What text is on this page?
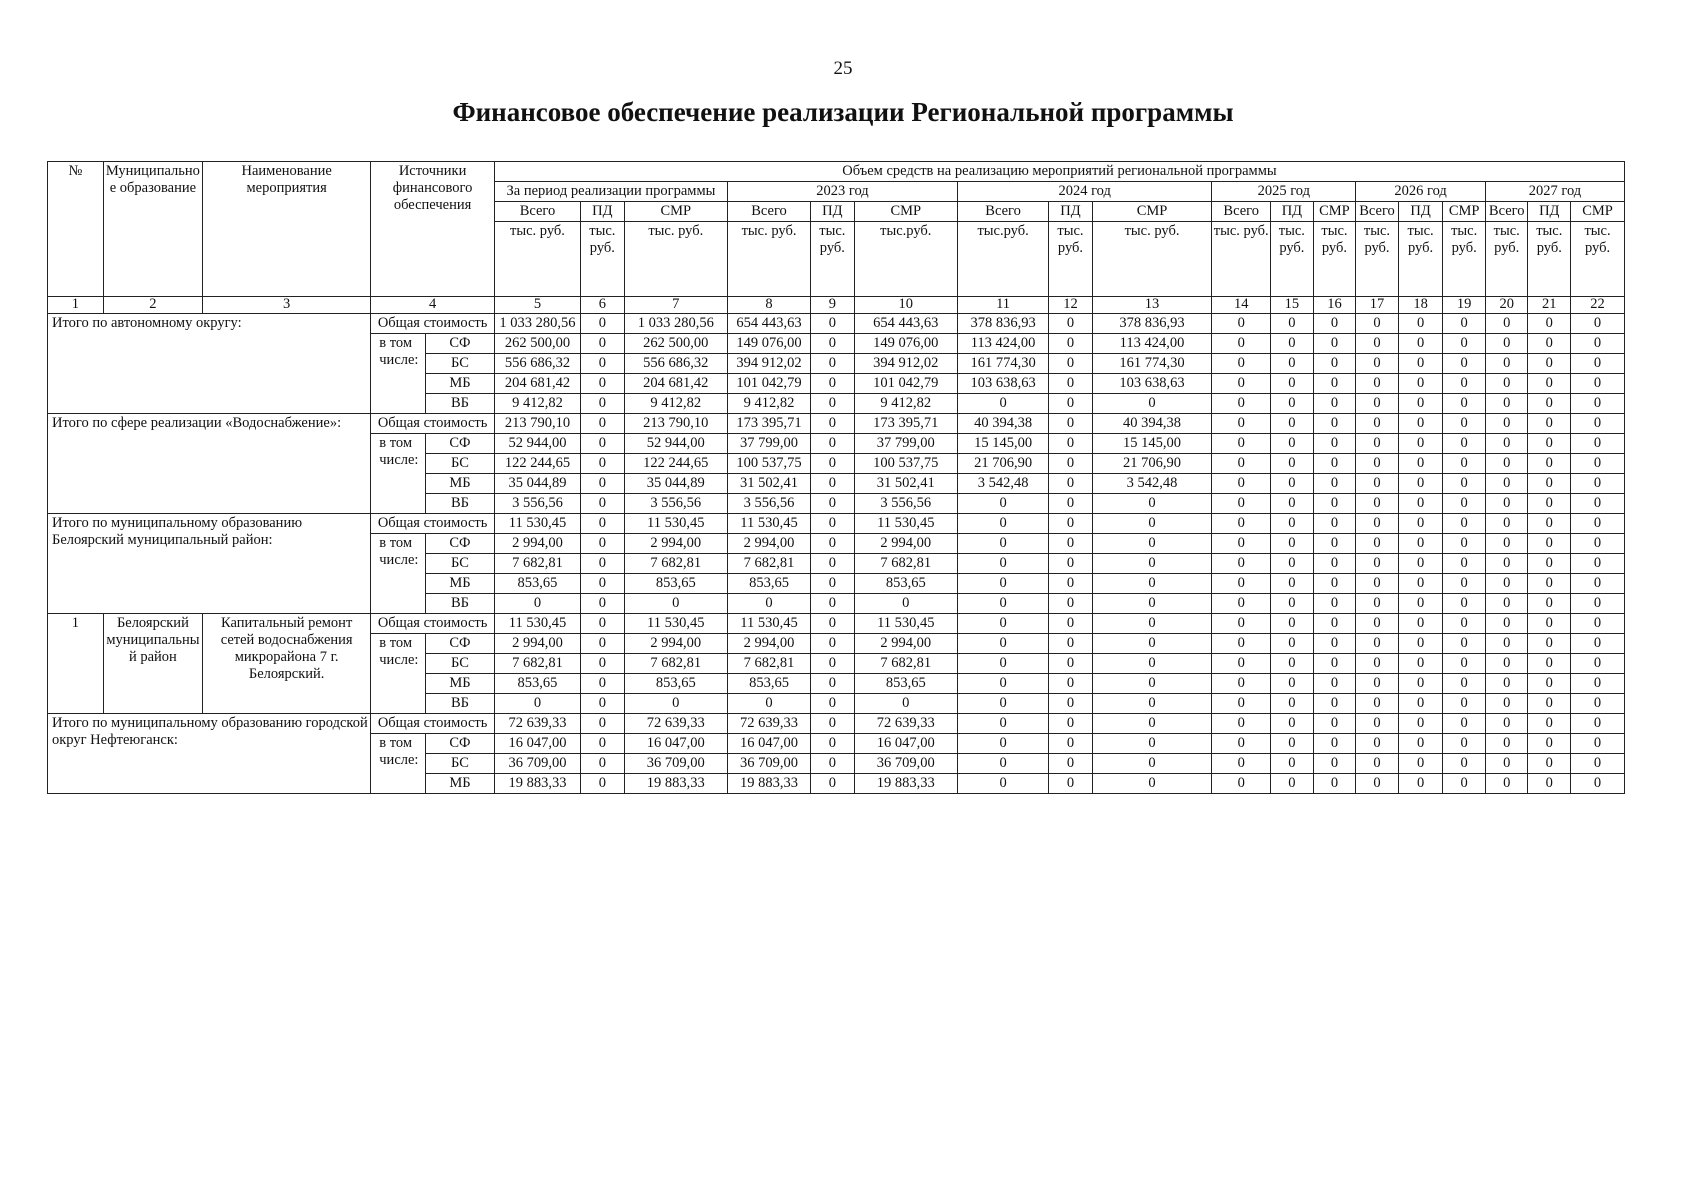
25
Финансовое обеспечение реализации Региональной программы
№	Муниципальное образование	Наименование мероприятия	Источники финансового обеспечения		Объем средств на реализацию мероприятий региональной программы																	
					За период реализации программы			2023 год			2024 год			2025 год			2026 год			2027 год		
					Всего	ПД	СМР	Всего	ПД	СМР	Всего	ПД	СМР	Всего	ПД	СМР	Всего	ПД	СМР	Всего	ПД	СМР
					тыс. руб.	тыс. руб.	тыс. руб.	тыс. руб.	тыс. руб.	тыс.руб.	тыс.руб.	тыс. руб.	тыс. руб.	тыс. руб.	тыс. руб.	тыс. руб.	тыс. руб.	тыс. руб.	тыс. руб.	тыс. руб.	тыс. руб.	тыс. руб.
1	2	3	4		5	6	7	8	9	10	11	12	13	14	15	16	17	18	19	20	21	22
Итого по автономному округу:			Общая стоимость		1 033 280,56	0	1 033 280,56	654 443,63	0	654 443,63	378 836,93	0	378 836,93	0	0	0	0	0	0	0	0	0
			в том числе:	СФ	262 500,00	0	262 500,00	149 076,00	0	149 076,00	113 424,00	0	113 424,00	0	0	0	0	0	0	0	0	0
				БС	556 686,32	0	556 686,32	394 912,02	0	394 912,02	161 774,30	0	161 774,30	0	0	0	0	0	0	0	0	0
				МБ	204 681,42	0	204 681,42	101 042,79	0	101 042,79	103 638,63	0	103 638,63	0	0	0	0	0	0	0	0	0
				ВБ	9 412,82	0	9 412,82	9 412,82	0	9 412,82	0	0	0	0	0	0	0	0	0	0	0	0
Итого по сфере реализации «Водоснабжение»:			Общая стоимость		213 790,10	0	213 790,10	173 395,71	0	173 395,71	40 394,38	0	40 394,38	0	0	0	0	0	0	0	0	0
			в том числе:	СФ	52 944,00	0	52 944,00	37 799,00	0	37 799,00	15 145,00	0	15 145,00	0	0	0	0	0	0	0	0	0
				БС	122 244,65	0	122 244,65	100 537,75	0	100 537,75	21 706,90	0	21 706,90	0	0	0	0	0	0	0	0	0
				МБ	35 044,89	0	35 044,89	31 502,41	0	31 502,41	3 542,48	0	3 542,48	0	0	0	0	0	0	0	0	0
				ВБ	3 556,56	0	3 556,56	3 556,56	0	3 556,56	0	0	0	0	0	0	0	0	0	0	0	0
Итого по муниципальному образованию Белоярский муниципальный район:			Общая стоимость		11 530,45	0	11 530,45	11 530,45	0	11 530,45	0	0	0	0	0	0	0	0	0	0	0	0
			в том числе:	СФ	2 994,00	0	2 994,00	2 994,00	0	2 994,00	0	0	0	0	0	0	0	0	0	0	0	0
				БС	7 682,81	0	7 682,81	7 682,81	0	7 682,81	0	0	0	0	0	0	0	0	0	0	0	0
				МБ	853,65	0	853,65	853,65	0	853,65	0	0	0	0	0	0	0	0	0	0	0	0
				ВБ	0	0	0	0	0	0	0	0	0	0	0	0	0	0	0	0	0	0
1	Белоярский муниципальный район	Капитальный ремонт сетей водоснабжения микрорайона 7 г. Белоярский.	Общая стоимость		11 530,45	0	11 530,45	11 530,45	0	11 530,45	0	0	0	0	0	0	0	0	0	0	0	0
			в том числе:	СФ	2 994,00	0	2 994,00	2 994,00	0	2 994,00	0	0	0	0	0	0	0	0	0	0	0	0
				БС	7 682,81	0	7 682,81	7 682,81	0	7 682,81	0	0	0	0	0	0	0	0	0	0	0	0
				МБ	853,65	0	853,65	853,65	0	853,65	0	0	0	0	0	0	0	0	0	0	0	0
				ВБ	0	0	0	0	0	0	0	0	0	0	0	0	0	0	0	0	0	0
Итого по муниципальному образованию городской округ Нефтеюганск:			Общая стоимость		72 639,33	0	72 639,33	72 639,33	0	72 639,33	0	0	0	0	0	0	0	0	0	0	0	0
			в том числе:	СФ	16 047,00	0	16 047,00	16 047,00	0	16 047,00	0	0	0	0	0	0	0	0	0	0	0	0
				БС	36 709,00	0	36 709,00	36 709,00	0	36 709,00	0	0	0	0	0	0	0	0	0	0	0	0
				МБ	19 883,33	0	19 883,33	19 883,33	0	19 883,33	0	0	0	0	0	0	0	0	0	0	0	0
